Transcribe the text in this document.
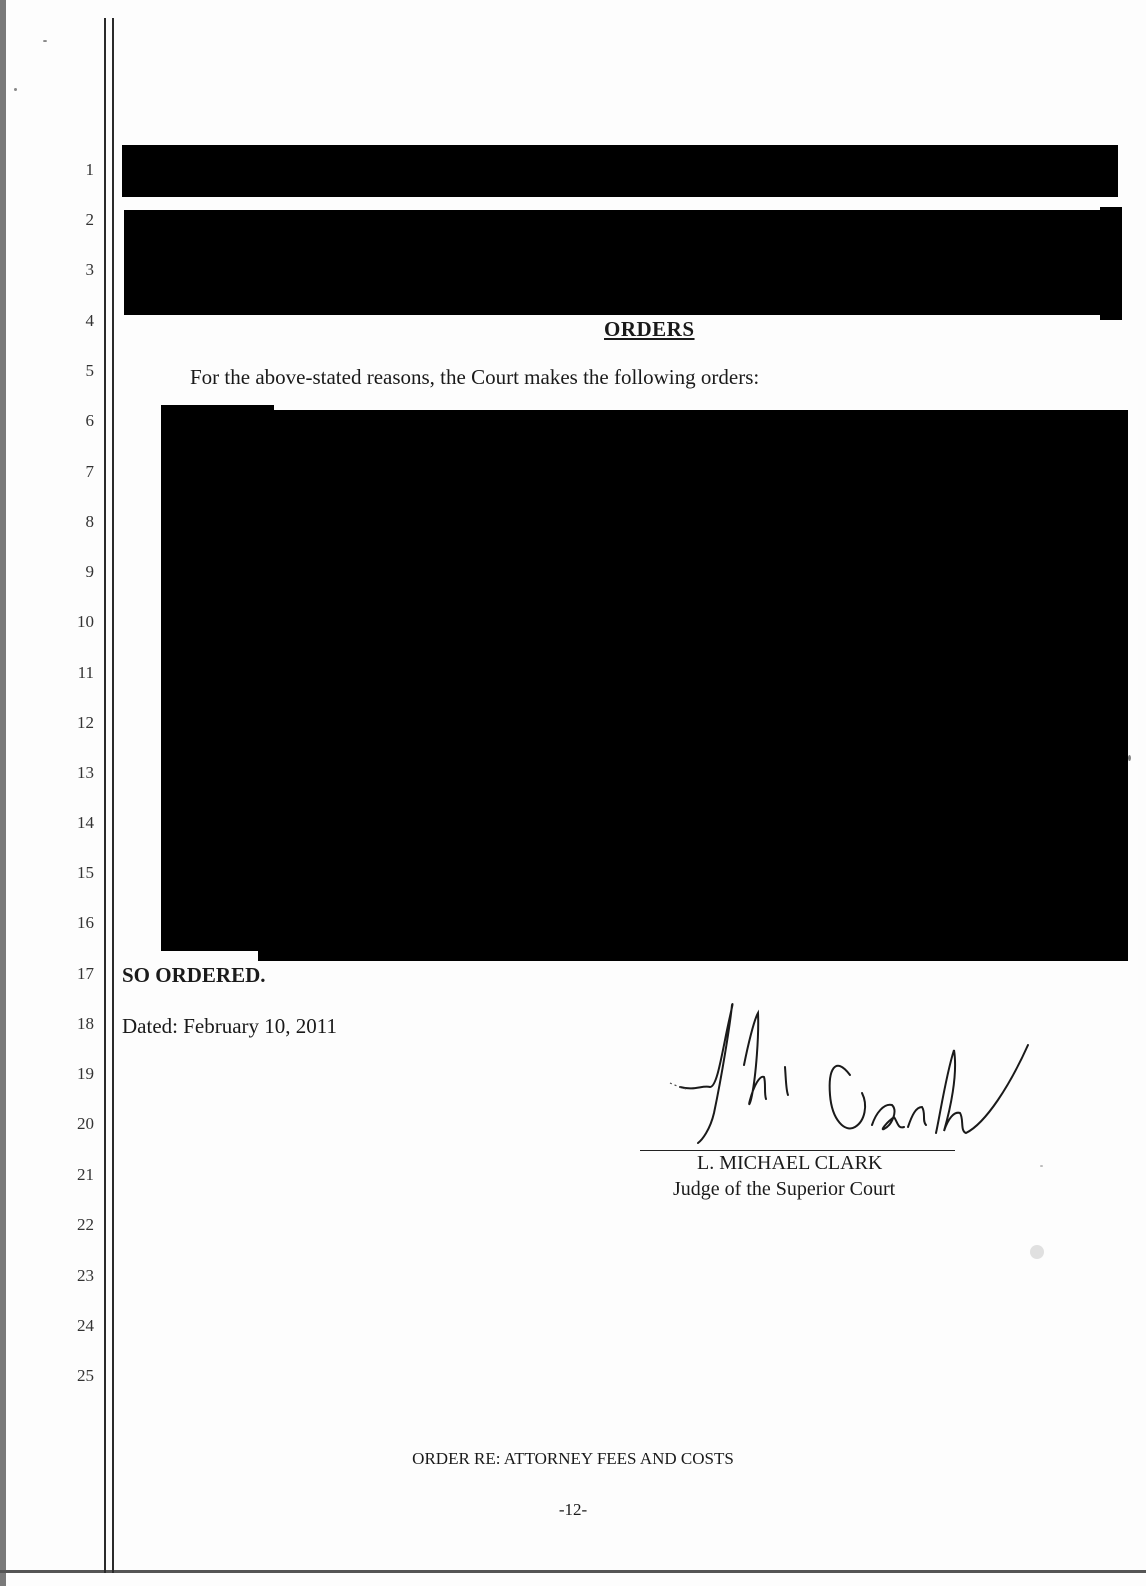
1
2
3
4
5
6
7
8
9
10
11
12
13
14
15
16
17
18
19
20
21
22
23
24
25
ORDERS
For the above-stated reasons, the Court makes the following orders:
SO ORDERED.
Dated: February 10, 2011
L. MICHAEL CLARK
Judge of the Superior Court
ORDER RE: ATTORNEY FEES AND COSTS
-12-
